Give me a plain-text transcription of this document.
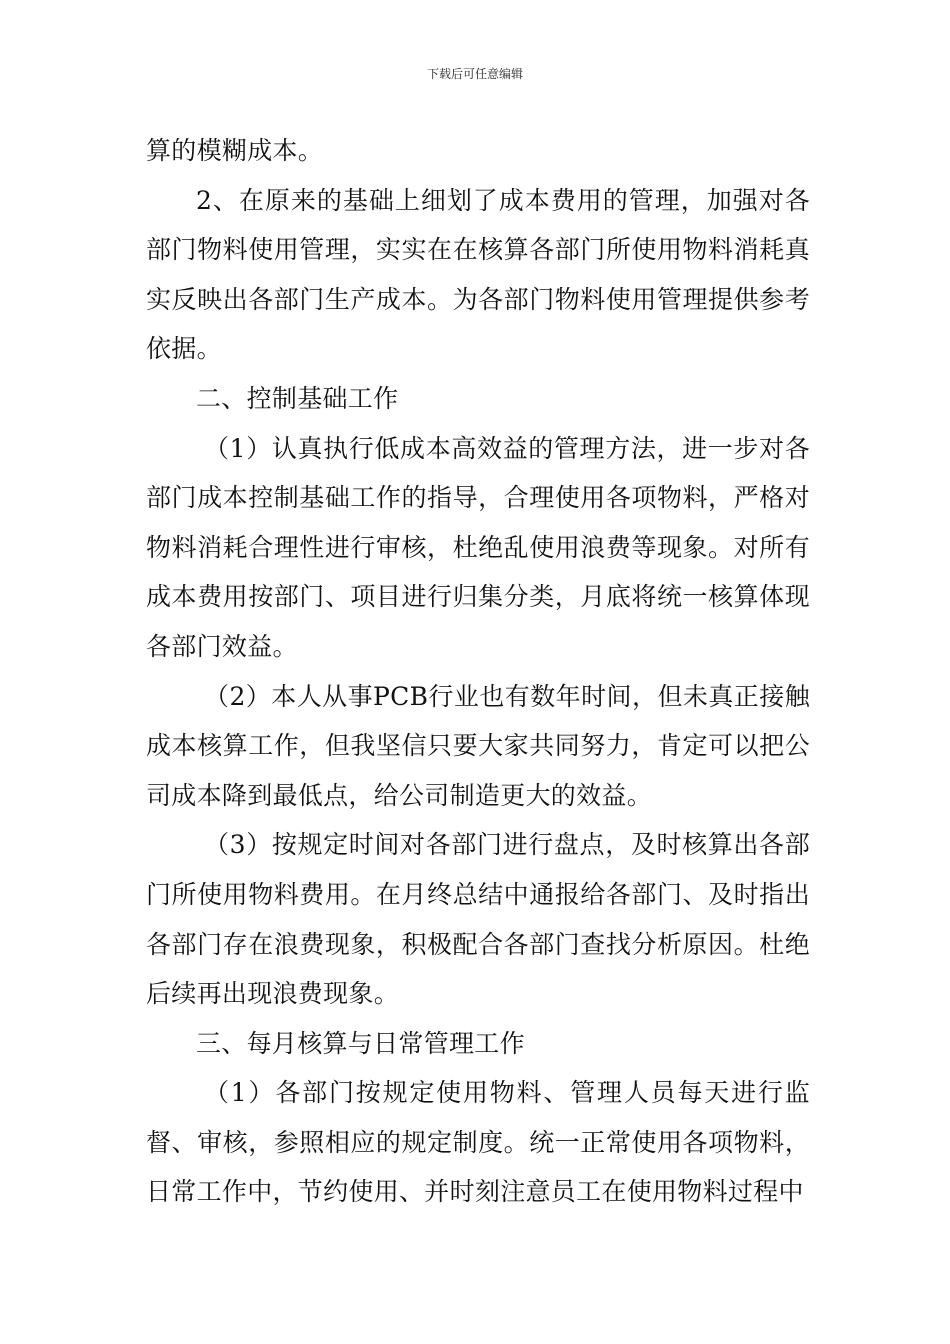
下载后可任意编辑

算的模糊成本。

2、在原来的基础上细划了成本费用的管理，加强对各部门物料使用管理，实实在在核算各部门所使用物料消耗真实反映出各部门生产成本。为各部门物料使用管理提供参考依据。

二、控制基础工作

（1）认真执行低成本高效益的管理方法，进一步对各部门成本控制基础工作的指导，合理使用各项物料，严格对物料消耗合理性进行审核，杜绝乱使用浪费等现象。对所有成本费用按部门、项目进行归集分类，月底将统一核算体现各部门效益。

（2）本人从事PCB行业也有数年时间，但未真正接触成本核算工作，但我坚信只要大家共同努力，肯定可以把公司成本降到最低点，给公司制造更大的效益。

（3）按规定时间对各部门进行盘点，及时核算出各部门所使用物料费用。在月终总结中通报给各部门、及时指出各部门存在浪费现象，积极配合各部门查找分析原因。杜绝后续再出现浪费现象。

三、每月核算与日常管理工作

（1）各部门按规定使用物料、管理人员每天进行监督、审核，参照相应的规定制度。统一正常使用各项物料，日常工作中，节约使用、并时刻注意员工在使用物料过程中
